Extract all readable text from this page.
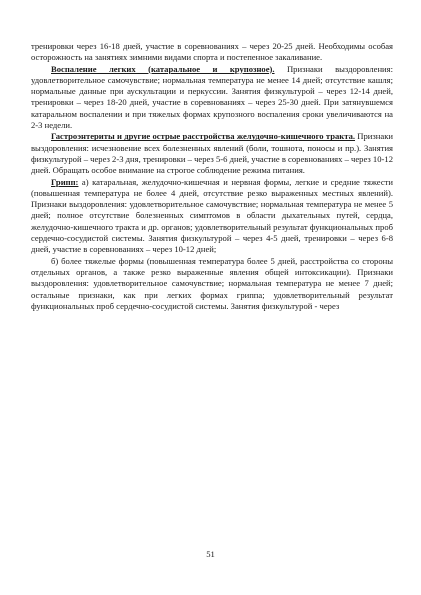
тренировки через 16-18 дней, участие в соревнованиях – через 20-25 дней. Необходимы особая осторожность на занятиях зимними видами спорта и постепенное закаливание.

Воспаление легких (катаральное и крупозное). Признаки выздоровления: удовлетворительное самочувствие; нормальная температура не менее 14 дней; отсутствие кашля; нормальные данные при аускультации и перкуссии. Занятия физкультурой – через 12-14 дней, тренировки – через 18-20 дней, участие в соревнованиях – через 25-30 дней. При затянувшемся катаральном воспалении и при тяжелых формах крупозного воспаления сроки увеличиваются на 2-3 недели.

Гастроэнтериты и другие острые расстройства желудочно-кишечного тракта. Признаки выздоровления: исчезновение всех болезненных явлений (боли, тошнота, поносы и пр.). Занятия физкультурой – через 2-3 дня, тренировки – через 5-6 дней, участие в соревнованиях – через 10-12 дней. Обращать особое внимание на строгое соблюдение режима питания.

Грипп: а) катаральная, желудочно-кишечная и нервная формы, легкие и средние тяжести (повышенная температура не более 4 дней, отсутствие резко выраженных местных явлений). Признаки выздоровления: удовлетворительное самочувствие; нормальная температура не менее 5 дней; полное отсутствие болезненных симптомов в области дыхательных путей, сердца, желудочно-кишечного тракта и др. органов; удовлетворительный результат функциональных проб сердечно-сосудистой системы. Занятия физкультурой – через 4-5 дней, тренировки – через 6-8 дней, участие в соревнованиях – через 10-12 дней;

б) более тяжелые формы (повышенная температура более 5 дней, расстройства со стороны отдельных органов, а также резко выраженные явления общей интоксикации). Признаки выздоровления: удовлетворительное самочувствие; нормальная температура не менее 7 дней; остальные признаки, как при легких формах гриппа; удовлетворительный результат функциональных проб сердечно-сосудистой системы. Занятия физкультурой - через

51
